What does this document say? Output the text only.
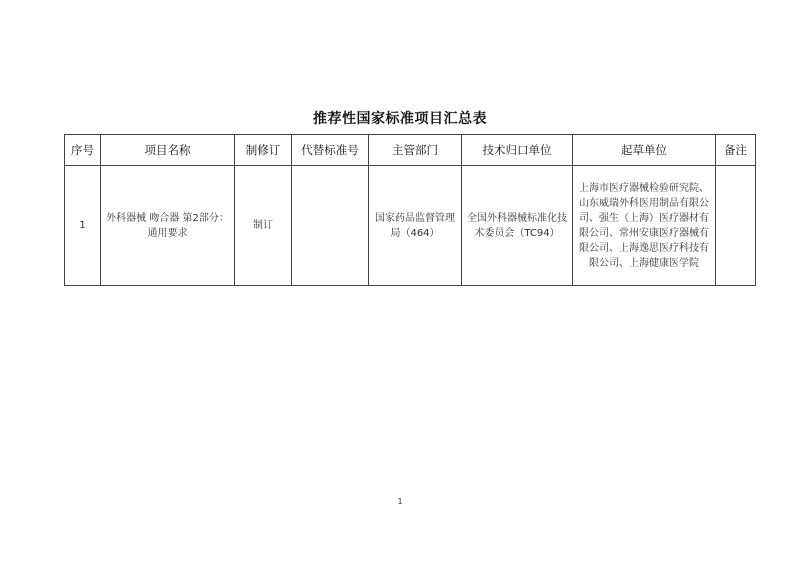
推荐性国家标准项目汇总表
序号	项目名称	制修订	代替标准号	主管部门	技术归口单位	起草单位	备注
1	外科器械 吻合器 第2部分：通用要求	制订		国家药品监督管理局（464）	全国外科器械标准化技术委员会（TC94）	上海市医疗器械检验研究院、山东威瑞外科医用制品有限公司、强生（上海）医疗器材有限公司、常州安康医疗器械有限公司、上海逸思医疗科技有限公司、上海健康医学院	
1
